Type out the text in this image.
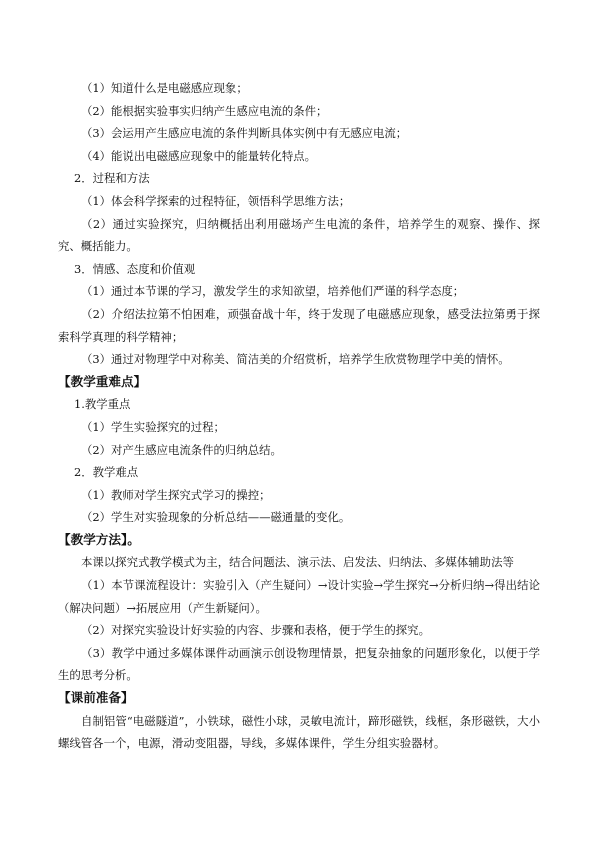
（1）知道什么是电磁感应现象；

（2）能根据实验事实归纳产生感应电流的条件；

（3）会运用产生感应电流的条件判断具体实例中有无感应电流；

（4）能说出电磁感应现象中的能量转化特点。

2．过程和方法

（1）体会科学探索的过程特征，领悟科学思维方法；

（2）通过实验探究，归纳概括出利用磁场产生电流的条件，培养学生的观察、操作、探究、概括能力。

3．情感、态度和价值观

（1）通过本节课的学习，激发学生的求知欲望，培养他们严谨的科学态度；

（2）介绍法拉第不怕困难，顽强奋战十年，终于发现了电磁感应现象，感受法拉第勇于探索科学真理的科学精神；

（3）通过对物理学中对称美、简洁美的介绍赏析，培养学生欣赏物理学中美的情怀。

【教学重难点】

1.教学重点

（1）学生实验探究的过程；

（2）对产生感应电流条件的归纳总结。

2．教学难点

（1）教师对学生探究式学习的操控；

（2）学生对实验现象的分析总结——磁通量的变化。

【教学方法】。

本课以探究式教学模式为主，结合问题法、演示法、启发法、归纳法、多媒体辅助法等

（1）本节课流程设计：实验引入（产生疑问）→设计实验→学生探究→分析归纳→得出结论（解决问题）→拓展应用（产生新疑问）。

（2）对探究实验设计好实验的内容、步骤和表格，便于学生的探究。

（3）教学中通过多媒体课件动画演示创设物理情景，把复杂抽象的问题形象化，以便于学生的思考分析。

【课前准备】

自制铝管“电磁隧道”，小铁球，磁性小球，灵敏电流计，蹄形磁铁，线框，条形磁铁，大小螺线管各一个，电源，滑动变阻器，导线，多媒体课件，学生分组实验器材。
